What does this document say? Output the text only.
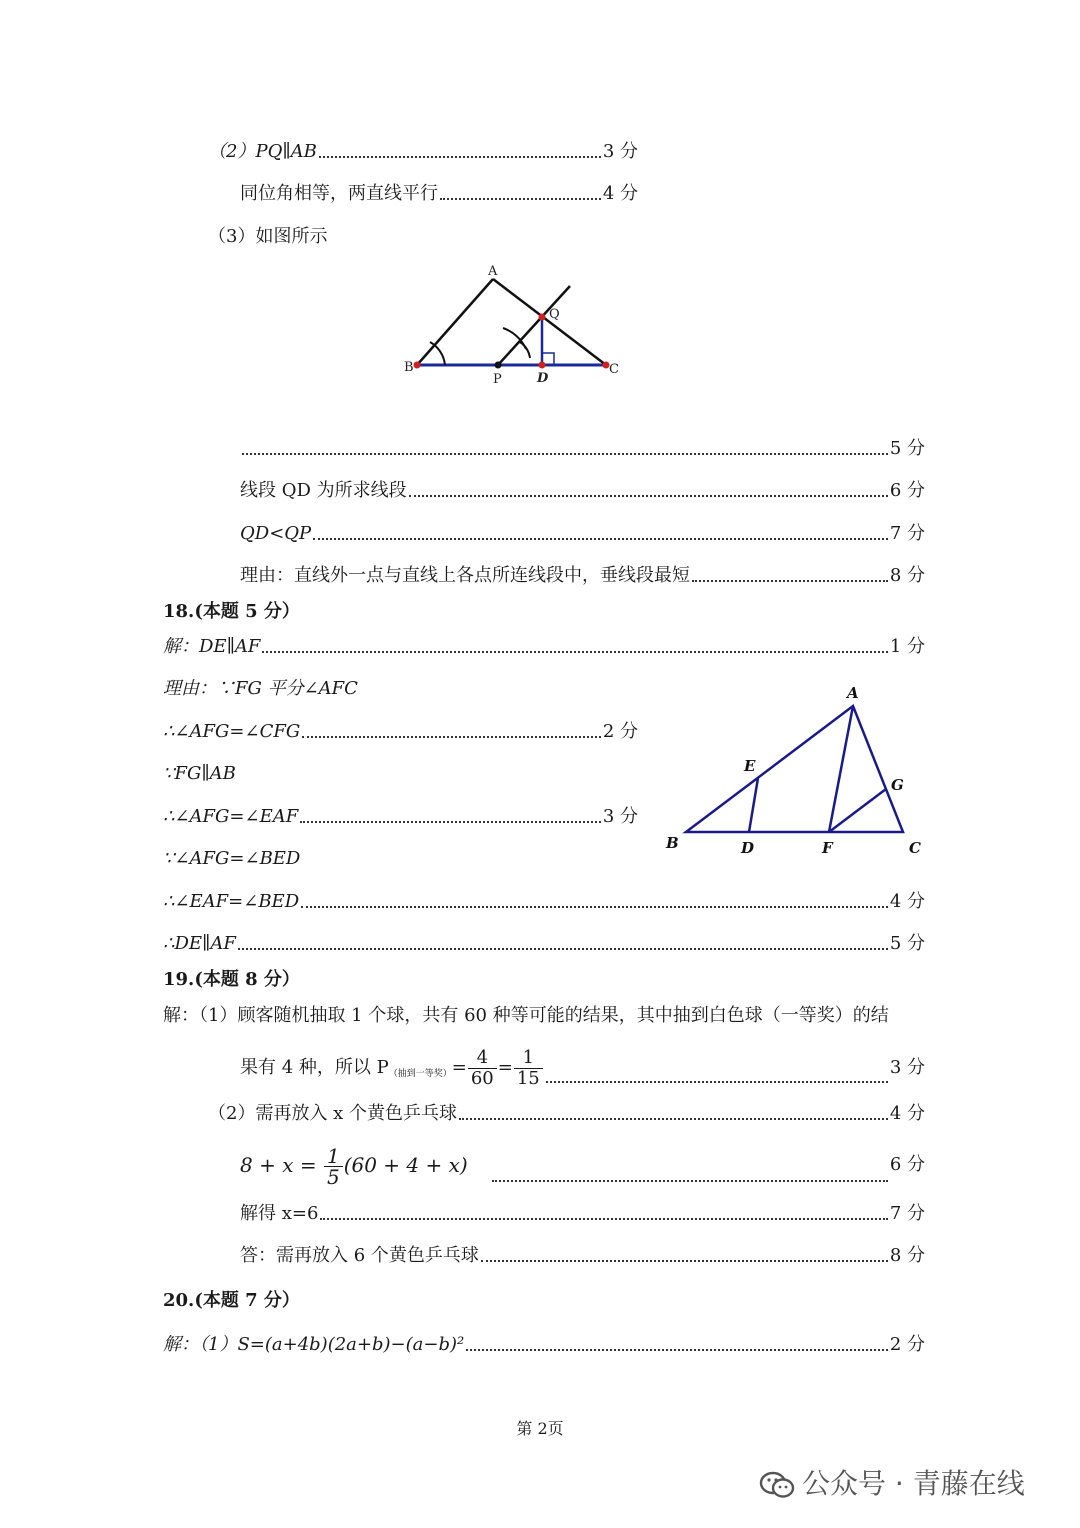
（2）PQ∥AB	3 分
同位角相等，两直线平行	4 分
（3）如图所示
A
Q
B
P	D
C
5 分
线段 QD 为所求线段	6 分
QD<QP	7 分
理由：直线外一点与直线上各点所连线段中，垂线段最短	8 分
18.(本题 5 分）
解：DE∥AF	1 分
理由：∵FG 平分∠AFC
∴∠AFG=∠CFG	2 分
∵FG∥AB
∴∠AFG=∠EAF	3 分
∵∠AFG=∠BED
∴∠EAF=∠BED	4 分
∴DE∥AF	5 分
A
E
G
B	D	F	C
19.(本题 8 分）
解：（1）顾客随机抽取 1 个球，共有 60 种等可能的结果，其中抽到白色球（一等奖）的结
果有 4 种，所以 $P_{(抽到一等奖)}= \frac{4}{60} = \frac{1}{15}$	3 分
（2）需再放入 x 个黄色乒乓球	4 分
$8 + x = \frac{1}{5} (60 + 4 + x)$	6 分
解得 x=6	7 分
答：需再放入 6 个黄色乒乓球	8 分
20.(本题 7 分）
解：（1）S=(a+4b)(2a+b)−(a−b)²	2 分
第 2页
公众号 · 青藤在线
